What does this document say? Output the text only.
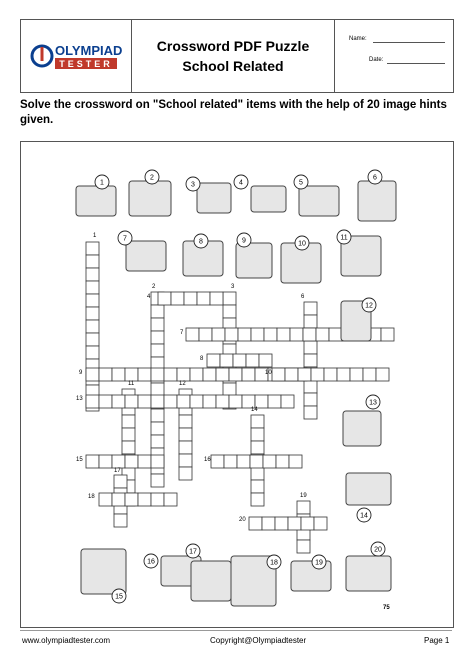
OLYMPIAD
TESTER
Crossword PDF Puzzle
School Related
Name:
Date:
Solve the crossword on "School related" items with the help of 20 image hints given.
1
2	3
4	6
7
8
9	10
11	12
13
14
15	16
17
18	19
20
1
2
3	4	5
6
7	8	9	10
11
12
13
14
15
16
17
18	19
20
75
www.olympiadtester.com	Copyright@Olympiadtester	Page 1
